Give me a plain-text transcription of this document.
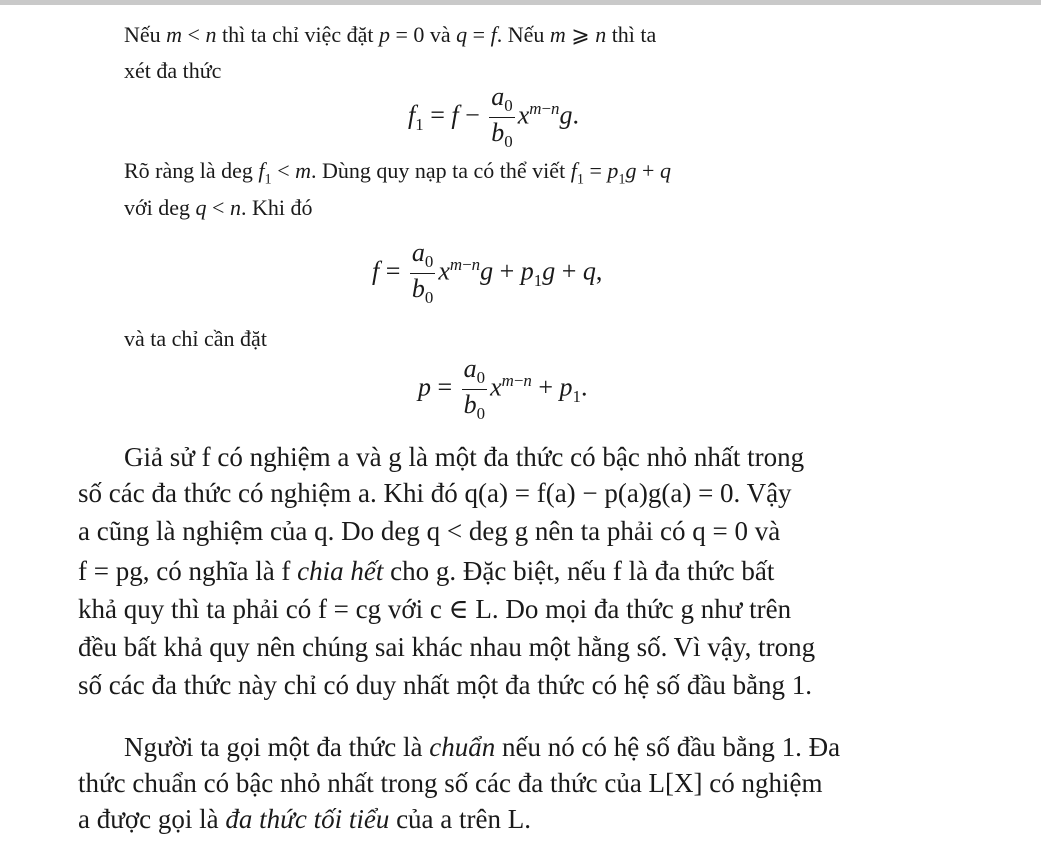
Nếu m < n thì ta chỉ việc đặt p = 0 và q = f. Nếu m ⩾ n thì ta
xét đa thức
$f_1 = f - \frac{a_0}{b_0} x^{m-n}g$.
Rõ ràng là deg $f_1 < m$. Dùng quy nạp ta có thể viết $f_1 = p_1g + q$
với deg q < n. Khi đó
$f = \frac{a_0}{b_0} x^{m-n}g + p_1g + q$,
và ta chỉ cần đặt
$p = \frac{a_0}{b_0} x^{m-n} + p_1$.
Giả sử f có nghiệm a và g là một đa thức có bậc nhỏ nhất trong
số các đa thức có nghiệm a. Khi đó q(a) = f(a) − p(a)g(a) = 0. Vậy
a cũng là nghiệm của q. Do deg q < deg g nên ta phải có q = 0 và
f = pg, có nghĩa là f chia hết cho g. Đặc biệt, nếu f là đa thức bất
khả quy thì ta phải có f = cg với c ∈ L. Do mọi đa thức g như trên
đều bất khả quy nên chúng sai khác nhau một hằng số. Vì vậy, trong
số các đa thức này chỉ có duy nhất một đa thức có hệ số đầu bằng 1.
Người ta gọi một đa thức là chuẩn nếu nó có hệ số đầu bằng 1. Đa
thức chuẩn có bậc nhỏ nhất trong số các đa thức của L[X] có nghiệm
a được gọi là đa thức tối tiểu của a trên L.
